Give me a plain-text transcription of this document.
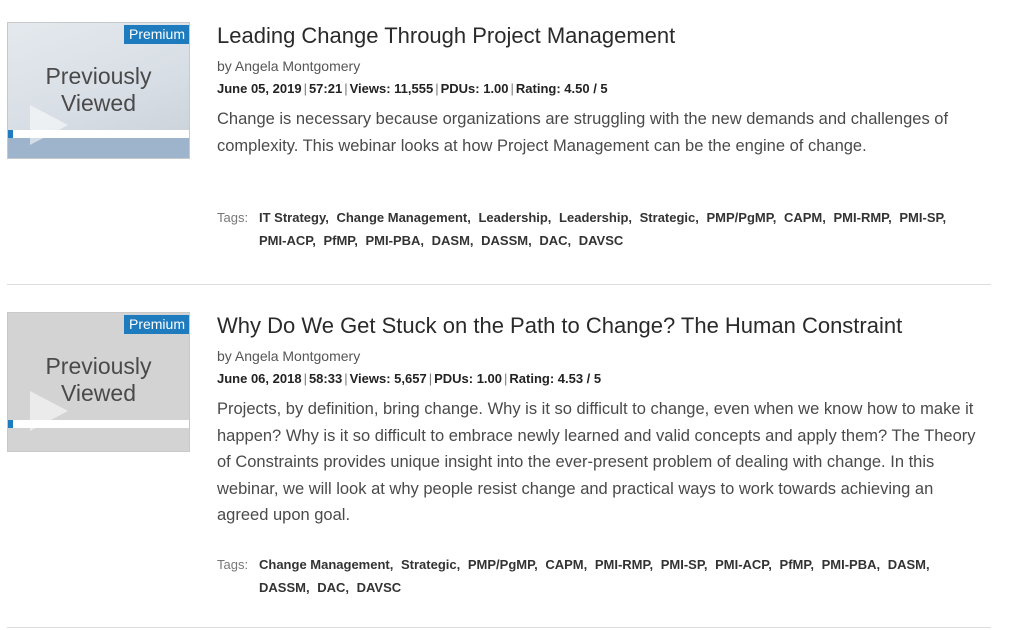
Premium
Previously
Viewed
Leading Change Through Project Management
by Angela Montgomery
June 05, 2019 | 57:21 | Views: 11,555 | PDUs: 1.00 | Rating: 4.50 / 5

Change is necessary because organizations are struggling with the new demands and challenges of complexity. This webinar looks at how Project Management can be the engine of change.

Tags: IT Strategy, Change Management, Leadership, Leadership, Strategic, PMP/PgMP, CAPM, PMI-RMP, PMI-SP, PMI-ACP, PfMP, PMI-PBA, DASM, DASSM, DAC, DAVSC
Premium
Previously
Viewed
Why Do We Get Stuck on the Path to Change? The Human Constraint
by Angela Montgomery
June 06, 2018 | 58:33 | Views: 5,657 | PDUs: 1.00 | Rating: 4.53 / 5

Projects, by definition, bring change. Why is it so difficult to change, even when we know how to make it happen? Why is it so difficult to embrace newly learned and valid concepts and apply them? The Theory of Constraints provides unique insight into the ever-present problem of dealing with change. In this webinar, we will look at why people resist change and practical ways to work towards achieving an agreed upon goal.

Tags: Change Management, Strategic, PMP/PgMP, CAPM, PMI-RMP, PMI-SP, PMI-ACP, PfMP, PMI-PBA, DASM, DASSM, DAC, DAVSC
